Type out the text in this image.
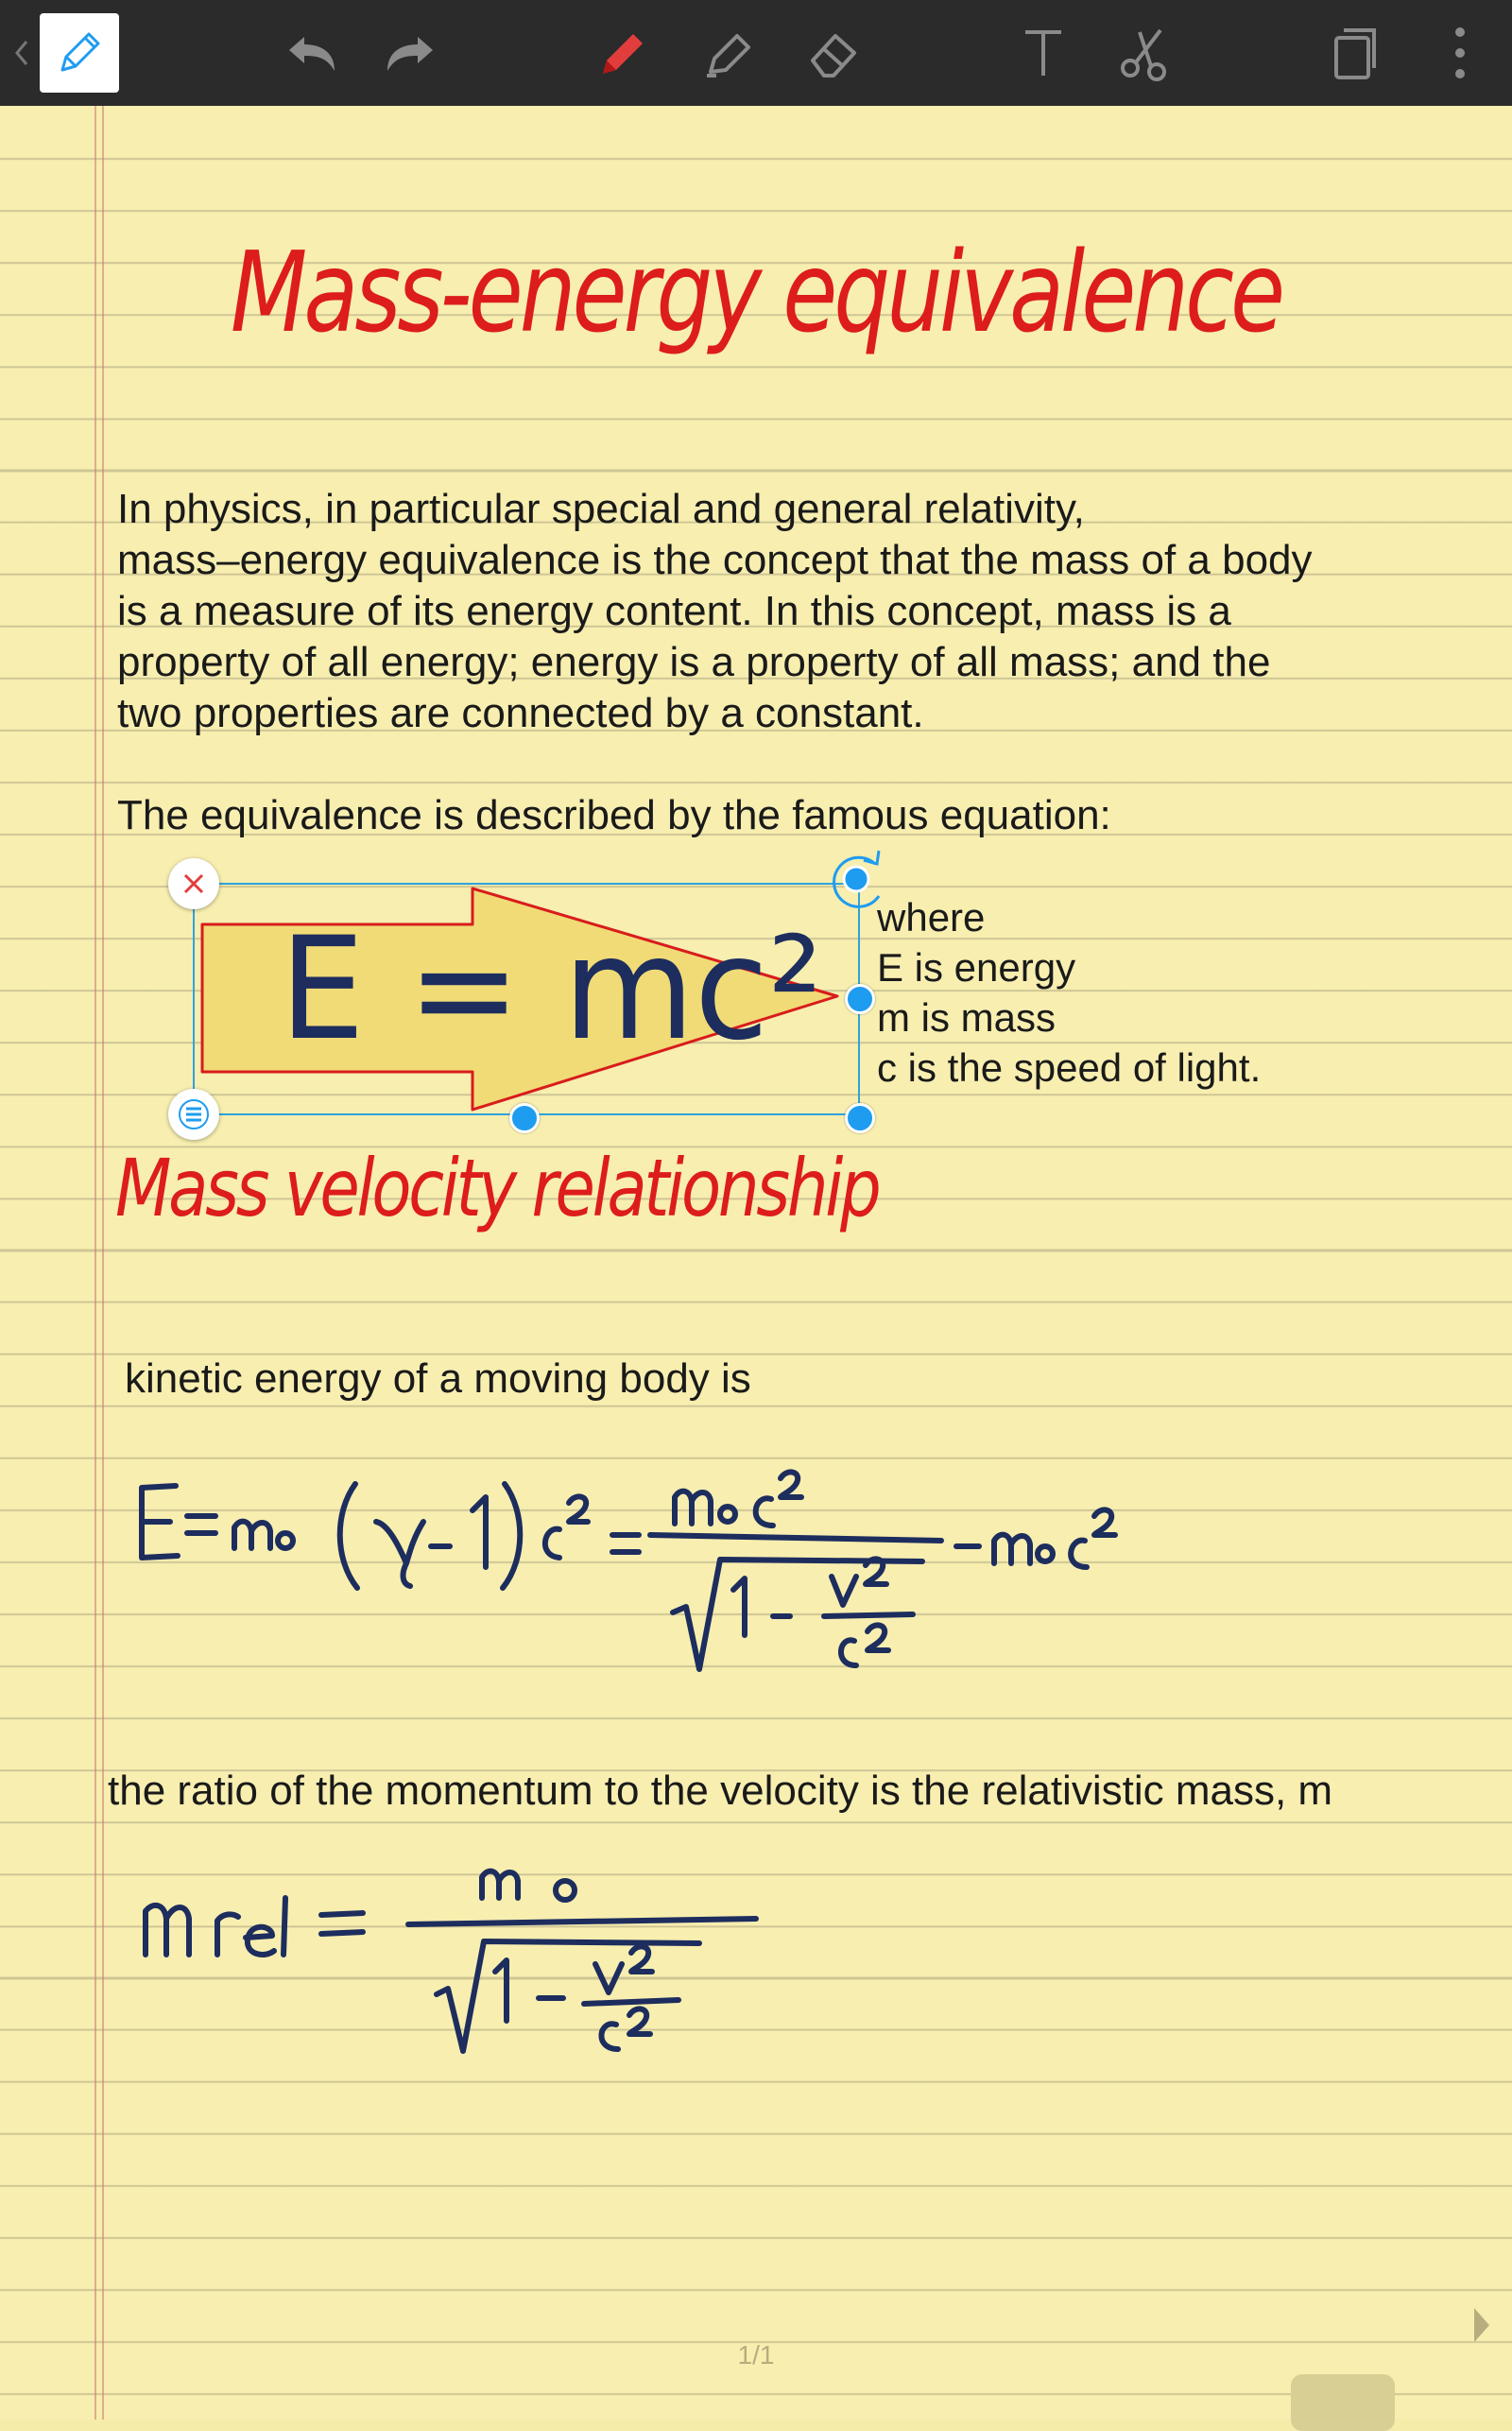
Mass-energy equivalence
In physics, in particular special and general relativity,
mass–energy equivalence is the concept that the mass of a body
is a measure of its energy content. In this concept, mass is a
property of all energy; energy is a property of all mass; and the
two properties are connected by a constant.
The equivalence is described by the famous equation:
E = mc² where
E is energy
m is mass
c is the speed of light.
Mass velocity relationship
kinetic energy of a moving body is
the ratio of the momentum to the velocity is the relativistic mass, m
1/1
